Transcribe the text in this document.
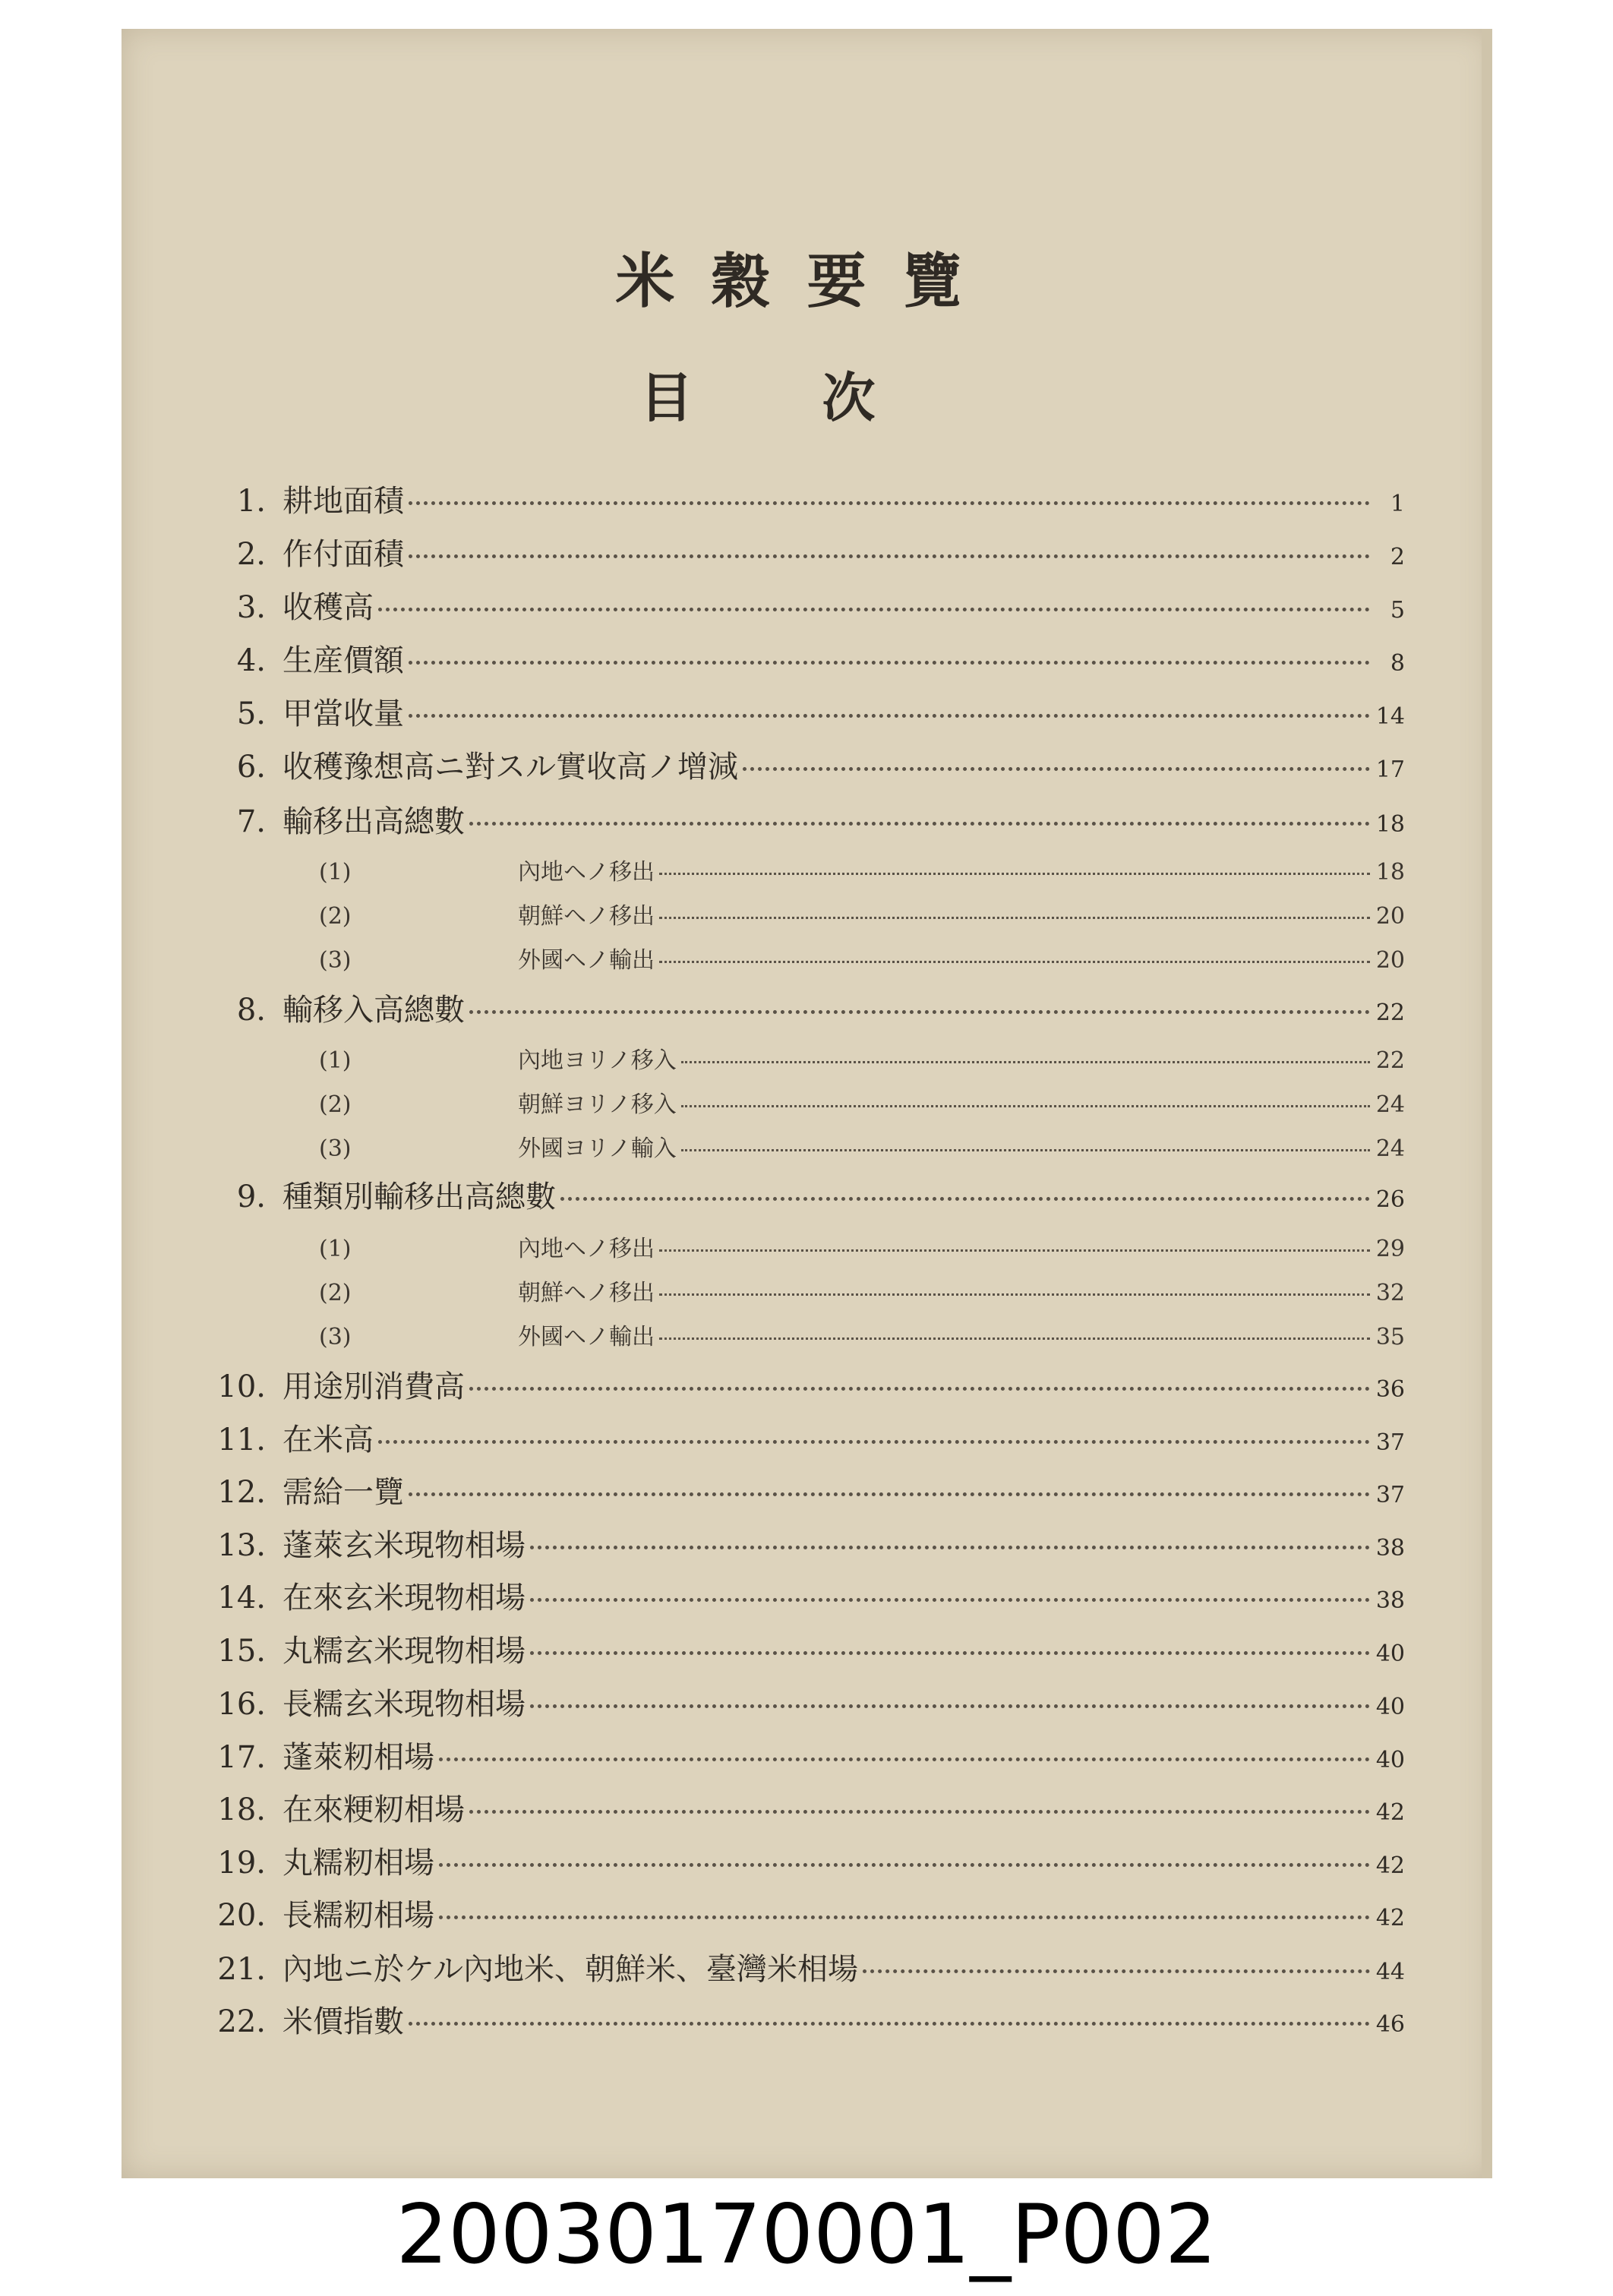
米穀要覽
目次
1. 耕地面積	1
2. 作付面積	2
3. 收穫高	5
4. 生産價額	8
5. 甲當收量	14
6. 收穫豫想高ニ對スル實收高ノ增減	17
7. 輸移出高總數	18
(1)	內地ヘノ移出	18
(2)	朝鮮ヘノ移出	20
(3)	外國ヘノ輸出	20
8. 輸移入高總數	22
(1)	內地ヨリノ移入	22
(2)	朝鮮ヨリノ移入	24
(3)	外國ヨリノ輸入	24
9. 種類別輸移出高總數	26
(1)	內地ヘノ移出	29
(2)	朝鮮ヘノ移出	32
(3)	外國ヘノ輸出	35
10. 用途別消費高	36
11. 在米高	37
12. 需給一覽	37
13. 蓬萊玄米現物相場	38
14. 在來玄米現物相場	38
15. 丸糯玄米現物相場	40
16. 長糯玄米現物相場	40
17. 蓬萊籾相場	40
18. 在來粳籾相場	42
19. 丸糯籾相場	42
20. 長糯籾相場	42
21. 內地ニ於ケル內地米、朝鮮米、臺灣米相場	44
22. 米價指數	46
20030170001_P002
